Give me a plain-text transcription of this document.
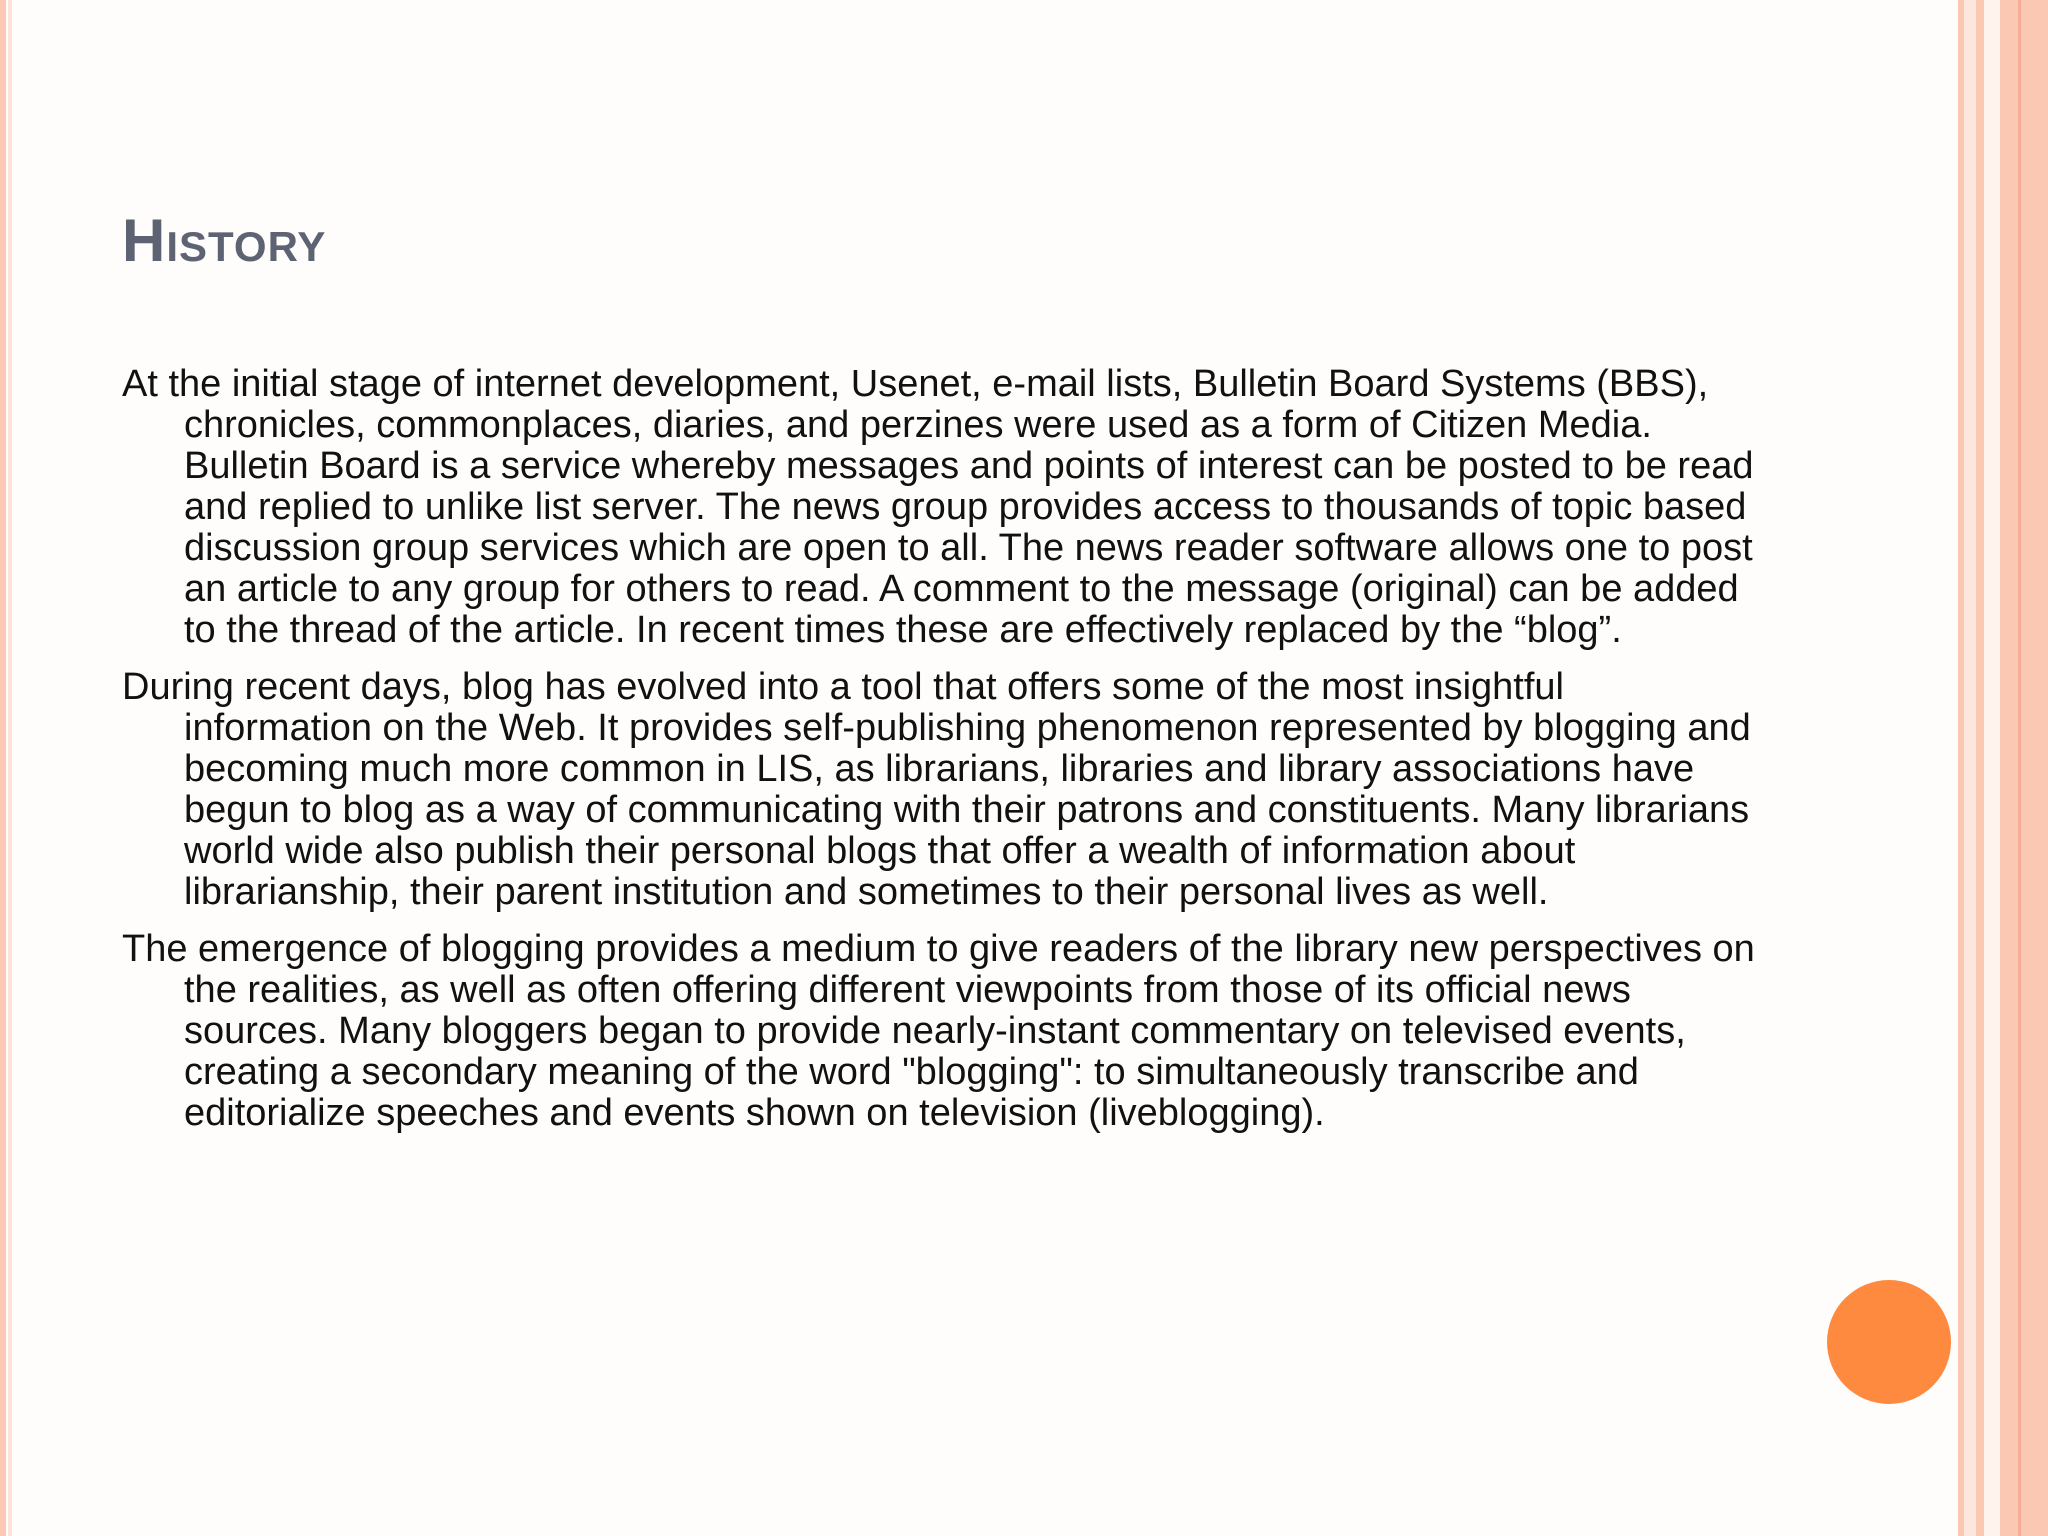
History

At the initial stage of internet development, Usenet, e-mail lists, Bulletin Board Systems (BBS), chronicles, commonplaces, diaries, and perzines were used as a form of Citizen Media. Bulletin Board is a service whereby messages and points of interest can be posted to be read and replied to unlike list server. The news group provides access to thousands of topic based discussion group services which are open to all. The news reader software allows one to post an article to any group for others to read. A comment to the message (original) can be added to the thread of the article. In recent times these are effectively replaced by the “blog”.

During recent days, blog has evolved into a tool that offers some of the most insightful information on the Web. It provides self-publishing phenomenon represented by blogging and becoming much more common in LIS, as librarians, libraries and library associations have begun to blog as a way of communicating with their patrons and constituents. Many librarians world wide also publish their personal blogs that offer a wealth of information about librarianship, their parent institution and sometimes to their personal lives as well.

The emergence of blogging provides a medium to give readers of the library new perspectives on the realities, as well as often offering different viewpoints from those of its official news sources. Many bloggers began to provide nearly-instant commentary on televised events, creating a secondary meaning of the word "blogging": to simultaneously transcribe and editorialize speeches and events shown on television (liveblogging).
